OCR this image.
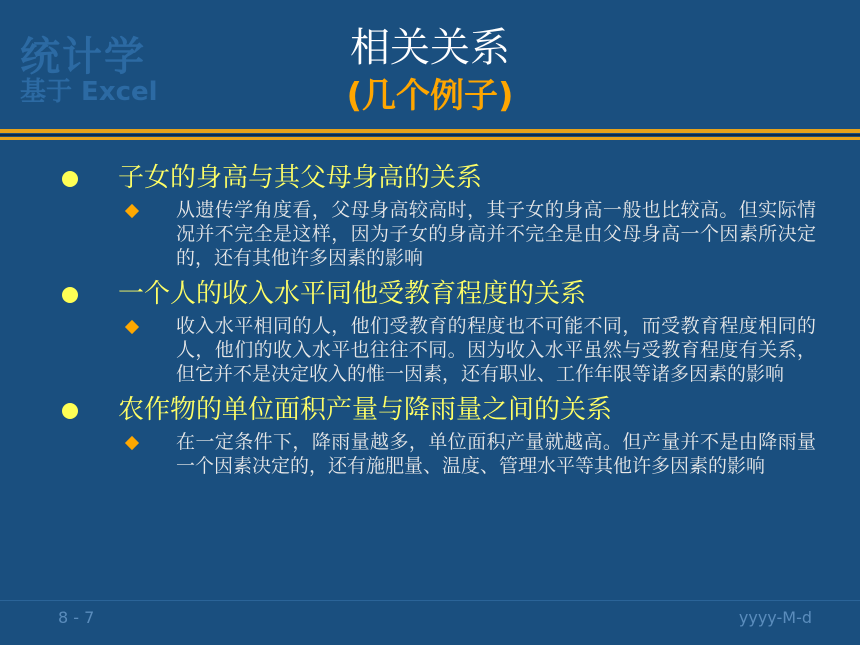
统计学
基于 Excel
相关关系
(几个例子)
子女的身高与其父母身高的关系
从遗传学角度看，父母身高较高时，其子女的身高一般也比较高。但实际情况并不完全是这样，因为子女的身高并不完全是由父母身高一个因素所决定的，还有其他许多因素的影响
一个人的收入水平同他受教育程度的关系
收入水平相同的人，他们受教育的程度也不可能不同，而受教育程度相同的人，他们的收入水平也往往不同。因为收入水平虽然与受教育程度有关系，但它并不是决定收入的惟一因素，还有职业、工作年限等诸多因素的影响
农作物的单位面积产量与降雨量之间的关系
在一定条件下，降雨量越多，单位面积产量就越高。但产量并不是由降雨量一个因素决定的，还有施肥量、温度、管理水平等其他许多因素的影响
8 - 7	yyyy-M-d
